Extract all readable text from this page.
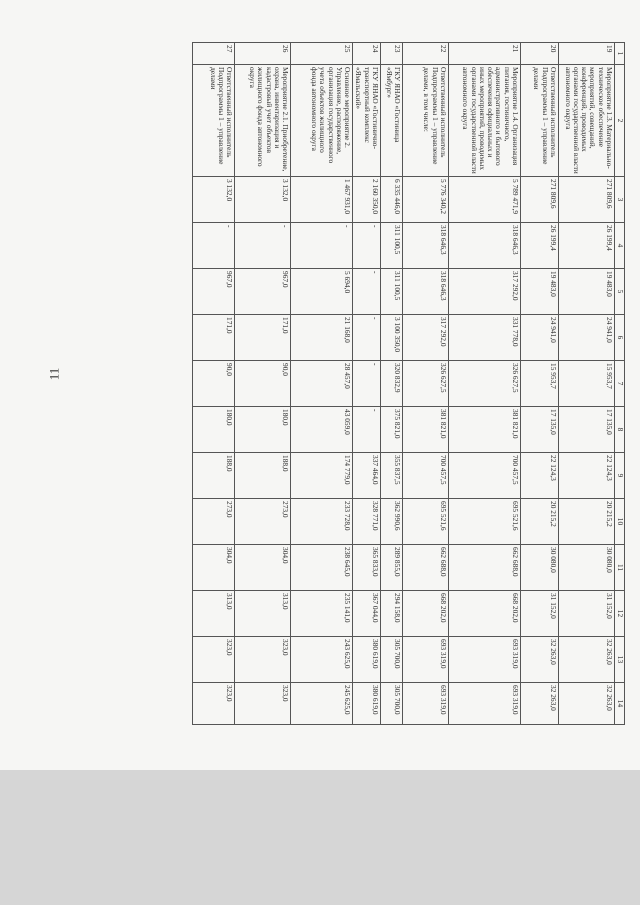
11
1	2	3	4	5	6	7	8	9	10	11	12	13	14
19	Мероприятие 1.3. Материально-техническое обеспечение мероприятий, совещаний, конференций, проводимых органами государственной власти автономного округа	271 809,6	26 199,4	19 483,0	24 941,0	15 953,7	17 135,0	22 124,3	20 215,2	30 080,0	31 152,0	32 263,0	32 263,0
20	Ответственный исполнитель Подпрограммы 1 – управление делами	271 809,6	26 199,4	19 483,0	24 941,0	15 953,7	17 135,0	22 124,3	20 215,2	30 080,0	31 152,0	32 263,0	32 263,0
21	Мероприятие 1.4. Организация питания, гостиничного, административного и бытового обеспечения официальных и иных мероприятий, проводимых органами государственной власти автономного округа	5 789 471,9	318 646,3	317 292,0	331 778,0	326 627,5	381 821,0	700 457,5	695 521,6	662 688,0	668 202,0	693 319,0	693 319,0
22	Ответственный исполнитель Подпрограммы 1 – управление делами, в том числе:	5 776 340,2	318 646,3	318 646,3	317 292,0	326 627,5	381 821,0	700 457,5	695 521,6	662 688,0	668 202,0	693 319,0	693 319,0
23	ГКУ ЯНАО «Гостиница «Ямбург»	6 335 446,0	311 100,5	311 100,5	3 100 350,0	320 832,9	375 821,0	355 837,5	362 990,6	289 855,0	294 158,0	305 700,0	305 700,0
24	ГКУ ЯНАО «Гостинично-транспортный комплекс «Ямальский»	2 160 350,0	-	-	-	-	-	337 464,0	328 771,0	365 833,0	367 044,0	380 619,0	380 619,0
25	Основное мероприятие 2. Управление, распоряжение, организация государственного учета объектов жилищного фонда автономного округа	1 467 931,0	-	5 694,0	21 168,0	28 457,0	43 059,0	174 779,0	233 728,0	238 645,0	235 141,0	243 625,0	245 625,0
26	Мероприятие 2.1. Приобретение, охрана, инвентаризация и кадастровый учет объектов жилищного фонда автономного округа	3 132,0	-	967,0	171,0	90,0	180,0	188,0	273,0	304,0	313,0	323,0	323,0
27	Ответственный исполнитель Подпрограммы 1 – управление делами	3 132,0	-	967,0	171,0	90,0	180,0	188,0	273,0	304,0	313,0	323,0	323,0
